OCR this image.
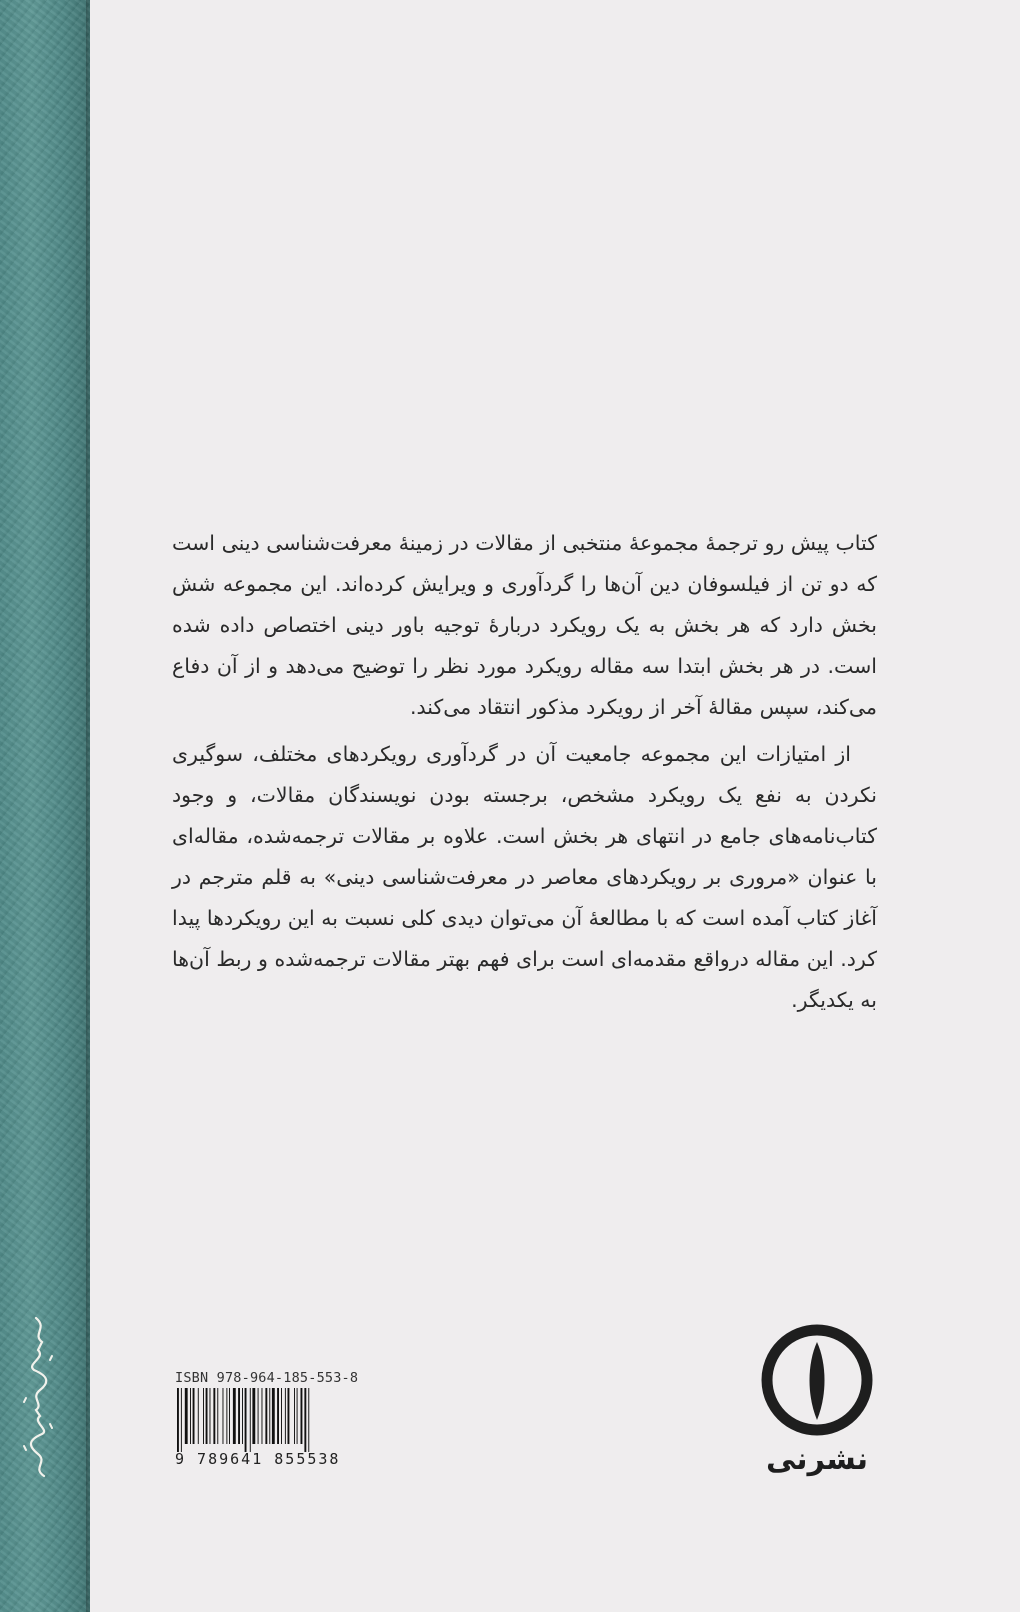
کتاب پیش رو ترجمهٔ مجموعهٔ منتخبی از مقالات در زمینهٔ معرفت‌شناسی دینی است که دو تن از فیلسوفان دین آن‌ها را گردآوری و ویرایش کرده‌اند. این مجموعه شش بخش دارد که هر بخش به یک رویکرد دربارهٔ توجیه باور دینی اختصاص داده شده است. در هر بخش ابتدا سه مقاله رویکرد مورد نظر را توضیح می‌دهد و از آن دفاع می‌کند، سپس مقالهٔ آخر از رویکرد مذکور انتقاد می‌کند.

از امتیازات این مجموعه جامعیت آن در گردآوری رویکردهای مختلف، سوگیری نکردن به نفع یک رویکرد مشخص، برجسته بودن نویسندگان مقالات، و وجود کتاب‌نامه‌های جامع در انتهای هر بخش است. علاوه بر مقالات ترجمه‌شده، مقاله‌ای با عنوان «مروری بر رویکردهای معاصر در معرفت‌شناسی دینی» به قلم مترجم در آغاز کتاب آمده است که با مطالعهٔ آن می‌توان دیدی کلی نسبت به این رویکردها پیدا کرد. این مقاله درواقع مقدمه‌ای است برای فهم بهتر مقالات ترجمه‌شده و ربط آن‌ها به یکدیگر.

ISBN 978-964-185-553-8
9 789641 855538	نشرنی
